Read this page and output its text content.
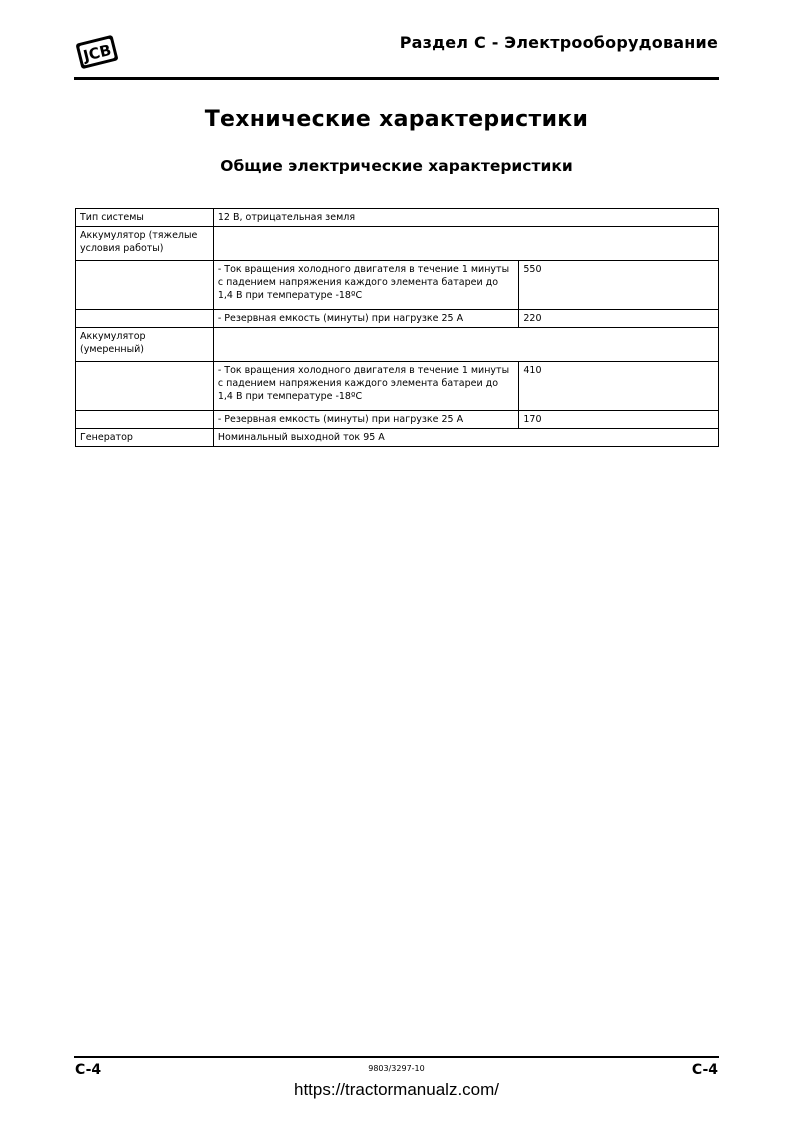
JCB	Раздел C - Электрооборудование
Технические характеристики
Общие электрические характеристики
Тип системы	12 В, отрицательная земля	
Аккумулятор (тяжелые условия работы)		
	- Ток вращения холодного двигателя в течение 1 минуты с падением напряжения каждого элемента батареи до 1,4 В при температуре -18ºC	550
	- Резервная емкость (минуты) при нагрузке 25 А	220
Аккумулятор (умеренный)		
	- Ток вращения холодного двигателя в течение 1 минуты с падением напряжения каждого элемента батареи до 1,4 В при температуре -18ºC	410
	- Резервная емкость (минуты) при нагрузке 25 А	170
Генератор	Номинальный выходной ток 95 А	
C-4	9803/3297-10	C-4
https://tractormanualz.com/
